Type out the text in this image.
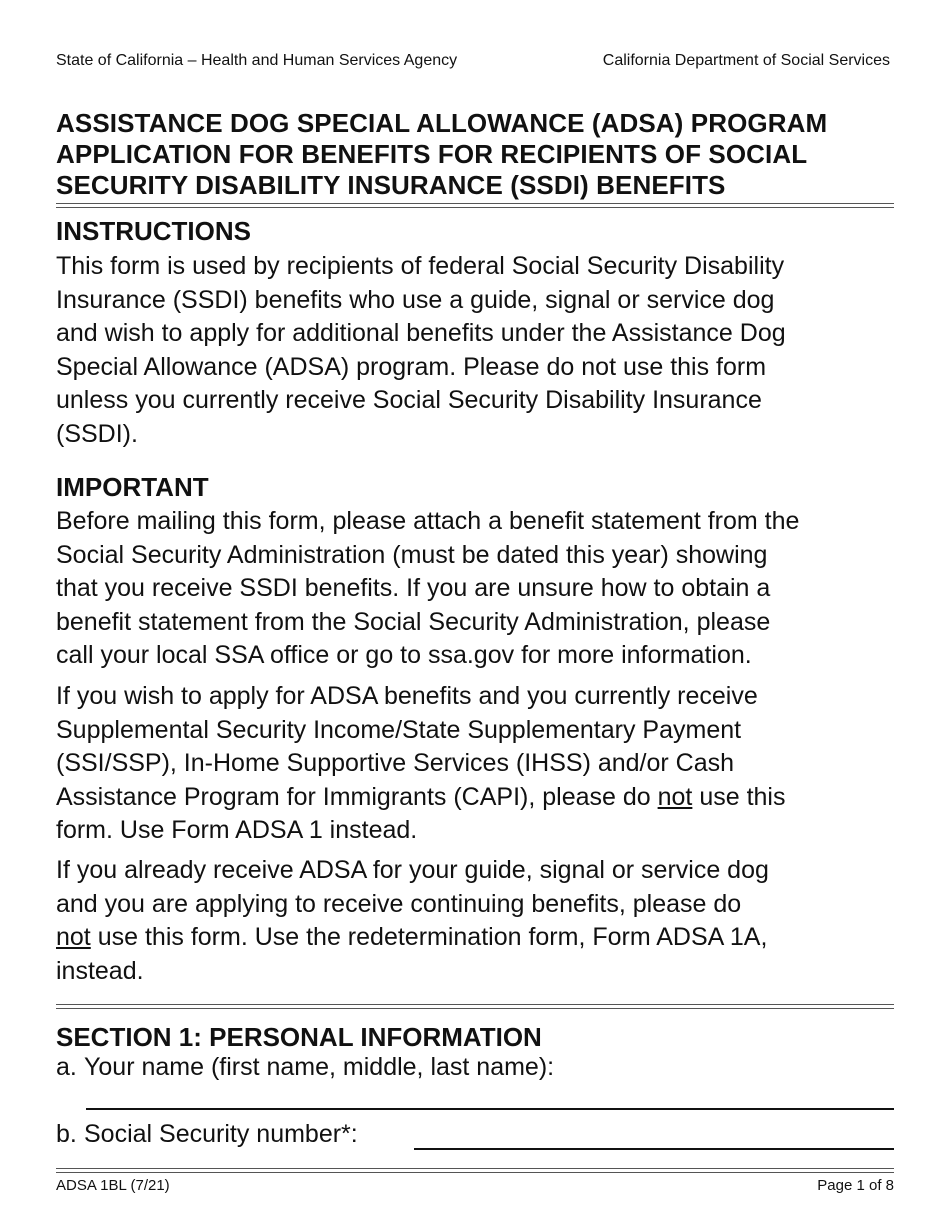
State of California – Health and Human Services Agency	California Department of Social Services
ASSISTANCE DOG SPECIAL ALLOWANCE (ADSA) PROGRAM
APPLICATION FOR BENEFITS FOR RECIPIENTS OF SOCIAL
SECURITY DISABILITY INSURANCE (SSDI) BENEFITS
INSTRUCTIONS
This form is used by recipients of federal Social Security Disability
Insurance (SSDI) benefits who use a guide, signal or service dog
and wish to apply for additional benefits under the Assistance Dog
Special Allowance (ADSA) program. Please do not use this form
unless you currently receive Social Security Disability Insurance
(SSDI).
IMPORTANT
Before mailing this form, please attach a benefit statement from the
Social Security Administration (must be dated this year) showing
that you receive SSDI benefits. If you are unsure how to obtain a
benefit statement from the Social Security Administration, please
call your local SSA office or go to ssa.gov for more information.
If you wish to apply for ADSA benefits and you currently receive
Supplemental Security Income/State Supplementary Payment
(SSI/SSP), In-Home Supportive Services (IHSS) and/or Cash
Assistance Program for Immigrants (CAPI), please do not use this
form. Use Form ADSA 1 instead.
If you already receive ADSA for your guide, signal or service dog
and you are applying to receive continuing benefits, please do
not use this form. Use the redetermination form, Form ADSA 1A,
instead.
SECTION 1: PERSONAL INFORMATION
a. Your name (first name, middle, last name):
b. Social Security number*:
ADSA 1BL (7/21)	Page 1 of 8
